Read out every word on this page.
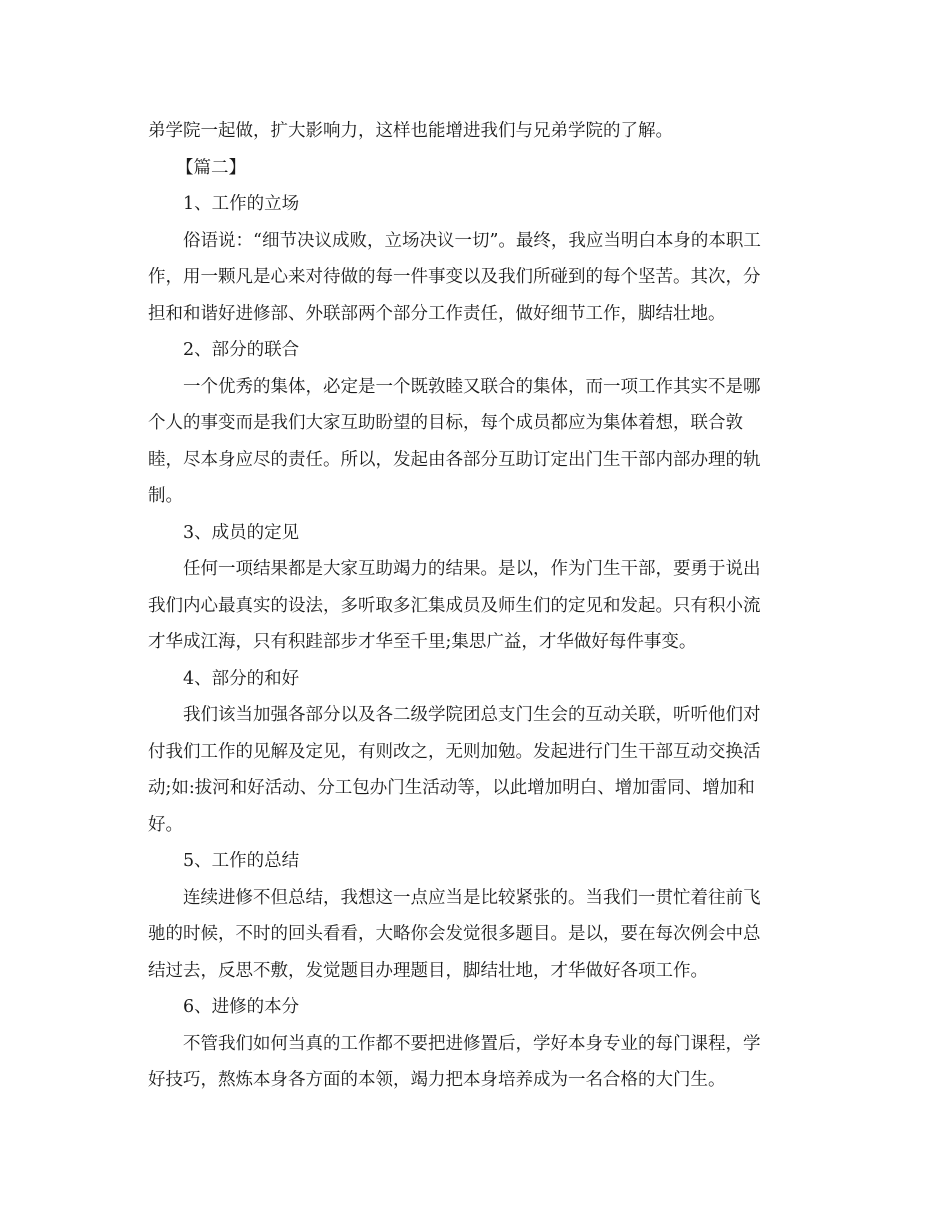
弟学院一起做，扩大影响力，这样也能增进我们与兄弟学院的了解。
【篇二】
1、工作的立场
俗语说：“细节决议成败，立场决议一切”。最终，我应当明白本身的本职工
作，用一颗凡是心来对待做的每一件事变以及我们所碰到的每个坚苦。其次，分
担和和谐好进修部、外联部两个部分工作责任，做好细节工作，脚结壮地。
2、部分的联合
一个优秀的集体，必定是一个既敦睦又联合的集体，而一项工作其实不是哪
个人的事变而是我们大家互助盼望的目标，每个成员都应为集体着想，联合敦
睦，尽本身应尽的责任。所以，发起由各部分互助订定出门生干部内部办理的轨
制。
3、成员的定见
任何一项结果都是大家互助竭力的结果。是以，作为门生干部，要勇于说出
我们内心最真实的设法，多听取多汇集成员及师生们的定见和发起。只有积小流
才华成江海，只有积跬部步才华至千里;集思广益，才华做好每件事变。
4、部分的和好
我们该当加强各部分以及各二级学院团总支门生会的互动关联，听听他们对
付我们工作的见解及定见，有则改之，无则加勉。发起进行门生干部互动交换活
动;如:拔河和好活动、分工包办门生活动等，以此增加明白、增加雷同、增加和
好。
5、工作的总结
连续进修不但总结，我想这一点应当是比较紧张的。当我们一贯忙着往前飞
驰的时候，不时的回头看看，大略你会发觉很多题目。是以，要在每次例会中总
结过去，反思不敷，发觉题目办理题目，脚结壮地，才华做好各项工作。
6、进修的本分
不管我们如何当真的工作都不要把进修置后，学好本身专业的每门课程，学
好技巧，熬炼本身各方面的本领，竭力把本身培养成为一名合格的大门生。
